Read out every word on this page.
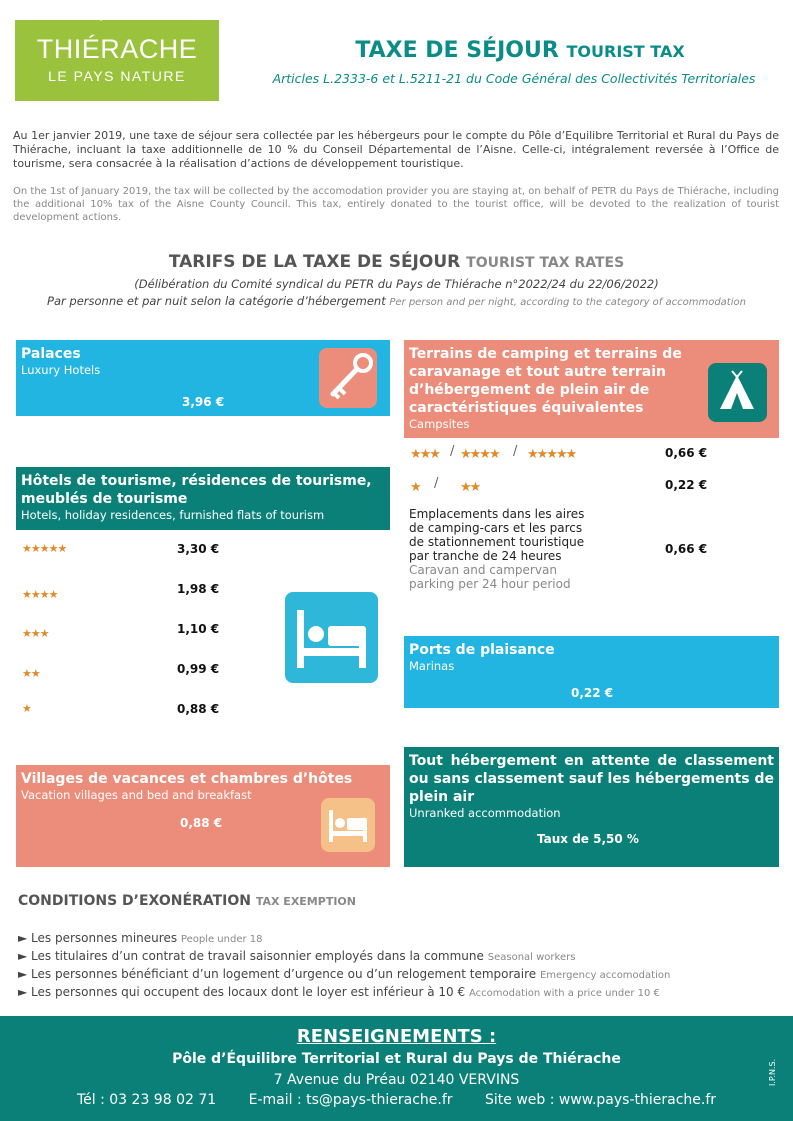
THIÉRACHE
LE PAYS NATURE
TAXE DE SÉJOUR TOURIST TAX
Articles L.2333-6 et L.5211-21 du Code Général des Collectivités Territoriales
Au 1er janvier 2019, une taxe de séjour sera collectée par les hébergeurs pour le compte du Pôle d’Equilibre Territorial et Rural du Pays de Thiérache, incluant la taxe additionnelle de 10 % du Conseil Départemental de l’Aisne. Celle-ci, intégralement reversée à l’Office de tourisme, sera consacrée à la réalisation d’actions de développement touristique.
On the 1st of January 2019, the tax will be collected by the accomodation provider you are staying at, on behalf of PETR du Pays de Thiérache, including the additional 10% tax of the Aisne County Council. This tax, entirely donated to the tourist office, will be devoted to the realization of tourist development actions.
TARIFS DE LA TAXE DE SÉJOUR TOURIST TAX RATES
(Délibération du Comité syndical du PETR du Pays de Thiérache n°2022/24 du 22/06/2022)
Par personne et par nuit selon la catégorie d’hébergement Per person and per night, according to the category of accommodation
Palaces
Luxury Hotels
3,96 €
Hôtels de tourisme, résidences de tourisme, meublés de tourisme
Hotels, holiday residences, furnished flats of tourism
★★★★★	3,30 €
★★★★	1,98 €
★★★	1,10 €
★★	0,99 €
★	0,88 €
Villages de vacances et chambres d’hôtes
Vacation villages and bed and breakfast
0,88 €
Terrains de camping et terrains de caravanage et tout autre terrain d’hébergement de plein air de caractéristiques équivalentes
Campsites
★★★ / ★★★★ / ★★★★★	0,66 €
★ / ★★	0,22 €
Emplacements dans les aires de camping-cars et les parcs de stationnement touristique par tranche de 24 heures
Caravan and campervan parking per 24 hour period
0,66 €
Ports de plaisance
Marinas
0,22 €
Tout hébergement en attente de classement ou sans classement sauf les hébergements de plein air
Unranked accommodation
Taux de 5,50 %
CONDITIONS D’EXONÉRATION TAX EXEMPTION
► Les personnes mineures People under 18
► Les titulaires d’un contrat de travail saisonnier employés dans la commune Seasonal workers
► Les personnes bénéficiant d’un logement d’urgence ou d’un relogement temporaire Emergency accomodation
► Les personnes qui occupent des locaux dont le loyer est inférieur à 10 € Accomodation with a price under 10 €
RENSEIGNEMENTS :
Pôle d’Équilibre Territorial et Rural du Pays de Thiérache
7 Avenue du Préau 02140 VERVINS
Tél : 03 23 98 02 71 E-mail : ts@pays-thierache.fr Site web : www.pays-thierache.fr
I.P.N.S.
